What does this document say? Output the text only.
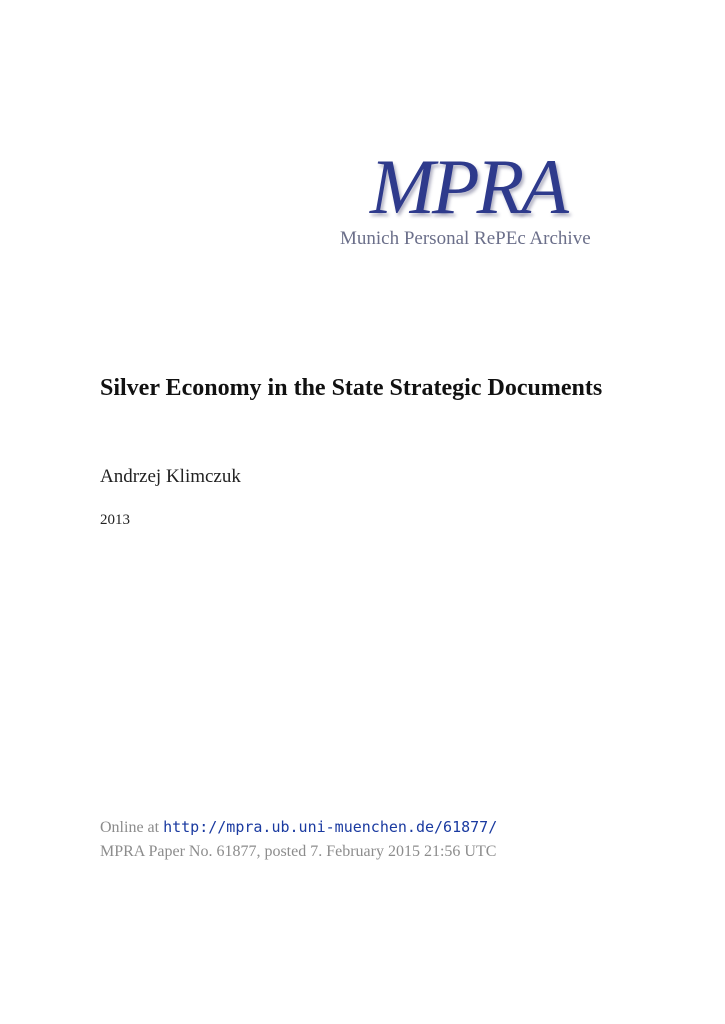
MPRA
Munich Personal RePEc Archive
Silver Economy in the State Strategic Documents
Andrzej Klimczuk
2013
Online at http://mpra.ub.uni-muenchen.de/61877/
MPRA Paper No. 61877, posted 7. February 2015 21:56 UTC
